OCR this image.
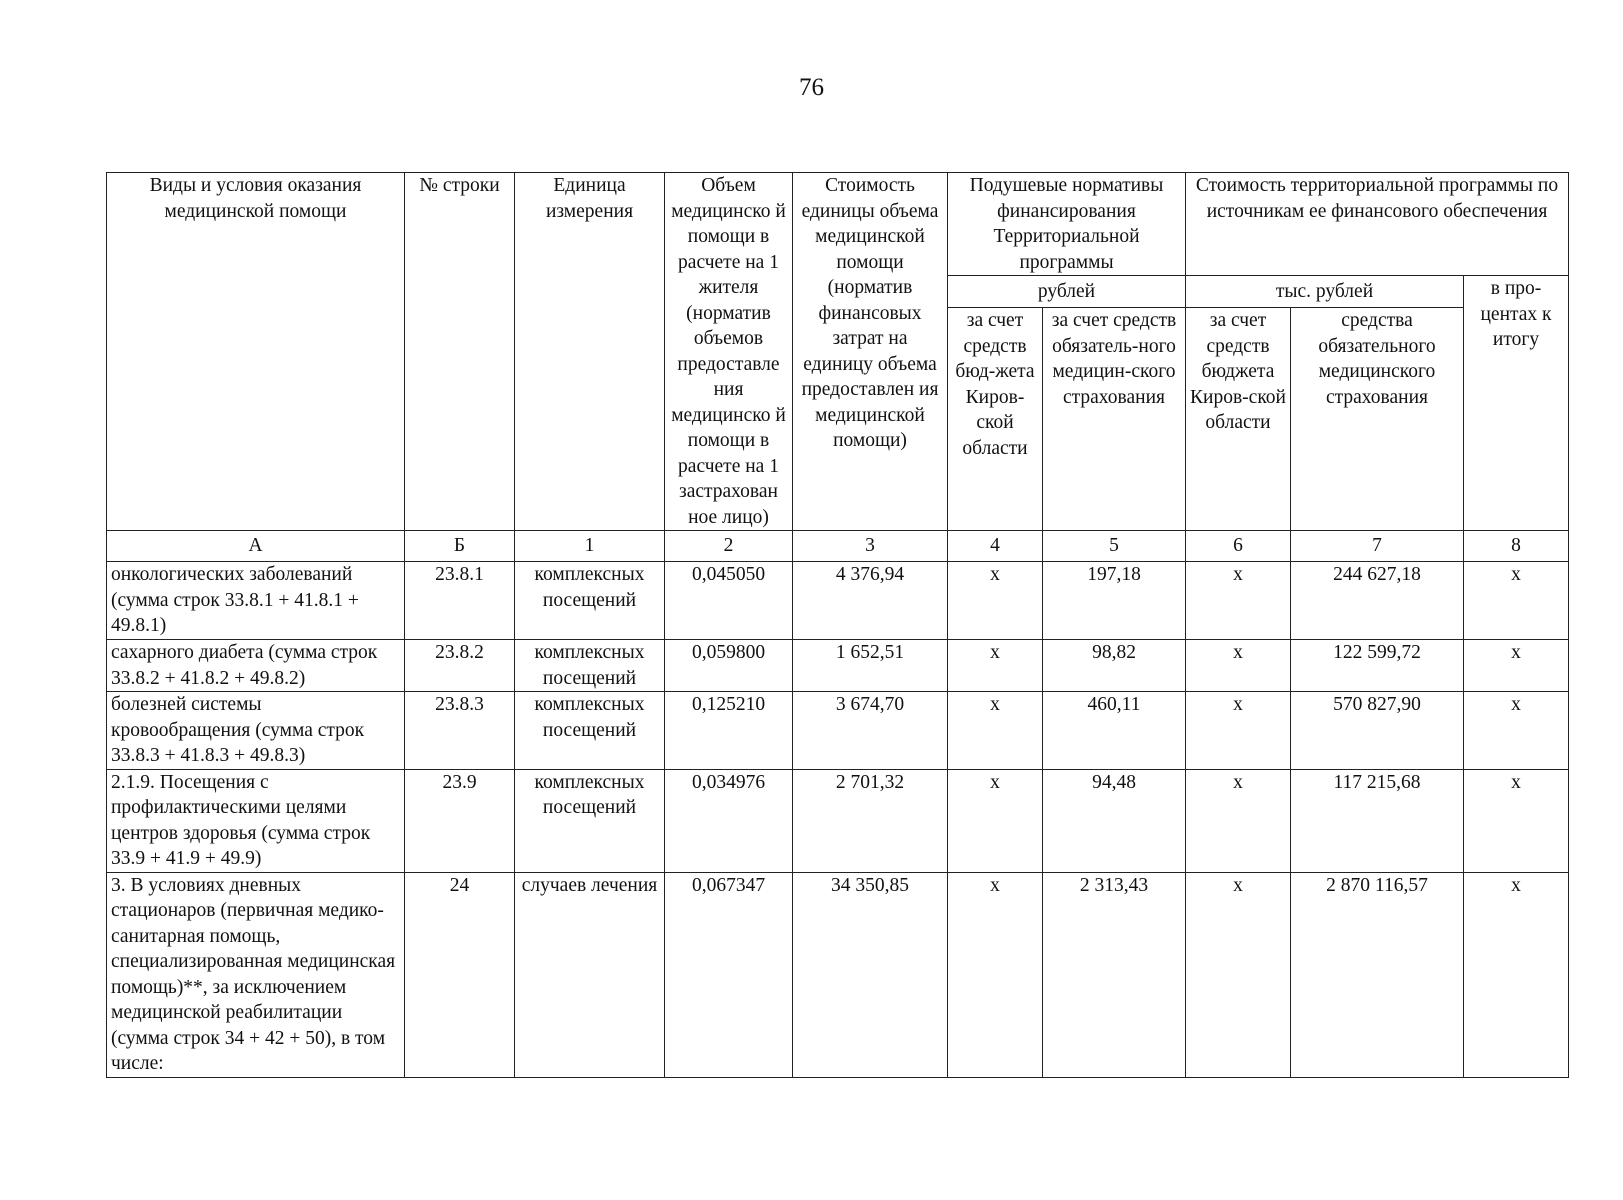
76
Виды и условия оказания медицинской помощи	№ строки	Единица измерения	Объем медицинско й помощи в расчете на 1 жителя (норматив объемов предоставле ния медицинско й помощи в расчете на 1 застрахован ное лицо)	Стоимость единицы объема медицинской помощи (норматив финансовых затрат на единицу объема предоставлен ия медицинской помощи)	Подушевые нормативы финансирования Территориальной программы		Стоимость территориальной программы по источникам ее финансового обеспечения		
					рублей		тыс. рублей		в про-центах к итогу
					за счет средств бюд-жета Киров-ской области	за счет средств обязатель-ного медицин-ского страхования	за счет средств бюджета Киров-ской области	средства обязательного медицинского страхования	
А	Б	1	2	3	4	5	6	7	8
онкологических заболеваний (сумма строк 33.8.1 + 41.8.1 + 49.8.1)	23.8.1	комплексных посещений	0,045050	4 376,94	х	197,18	х	244 627,18	х
сахарного диабета (сумма строк 33.8.2 + 41.8.2 + 49.8.2)	23.8.2	комплексных посещений	0,059800	1 652,51	х	98,82	х	122 599,72	х
болезней системы кровообращения (сумма строк 33.8.3 + 41.8.3 + 49.8.3)	23.8.3	комплексных посещений	0,125210	3 674,70	х	460,11	х	570 827,90	х
2.1.9. Посещения с профилактическими целями центров здоровья (сумма строк 33.9 + 41.9 + 49.9)	23.9	комплексных посещений	0,034976	2 701,32	х	94,48	х	117 215,68	х
3. В условиях дневных стационаров (первичная медико-санитарная помощь, специализированная медицинская помощь)**, за исключением медицинской реабилитации (сумма строк 34 + 42 + 50), в том числе:	24	случаев лечения	0,067347	34 350,85	х	2 313,43	х	2 870 116,57	х
